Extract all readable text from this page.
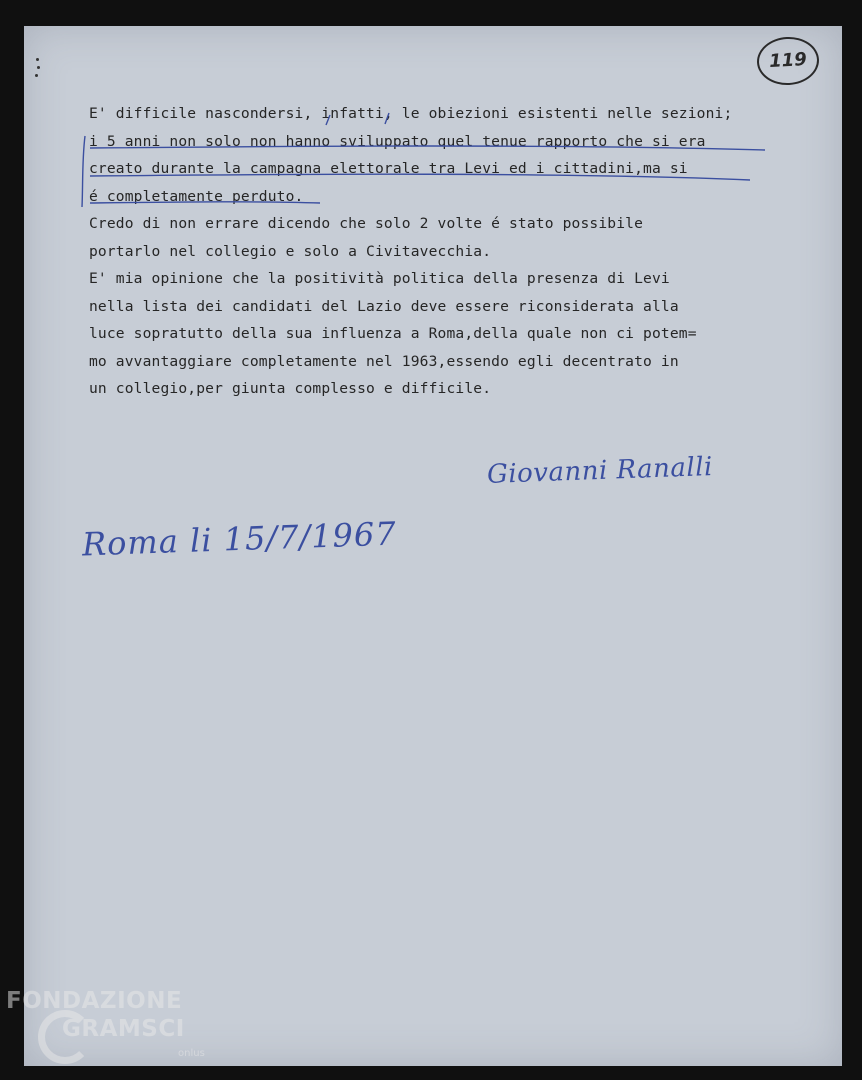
119
E' difficile nascondersi, infatti, le obiezioni esistenti nelle sezioni;
i 5 anni non solo non hanno sviluppato quel tenue rapporto che si era
creato durante la campagna elettorale tra Levi ed i cittadini,ma si
é completamente perduto.
Credo di non errare dicendo che solo 2 volte é stato possibile
portarlo nel collegio e solo a Civitavecchia.
E' mia opinione che la positività politica della presenza di Levi
nella lista dei candidati del Lazio deve essere riconsiderata alla
luce sopratutto della sua influenza a Roma,della quale non ci potem=
mo avvantaggiare completamente nel 1963,essendo egli decentrato in
un collegio,per giunta complesso e difficile.
Giovanni Ranalli
Roma li 15/7/1967
FONDAZIONE
GRAMSCI
onlus
